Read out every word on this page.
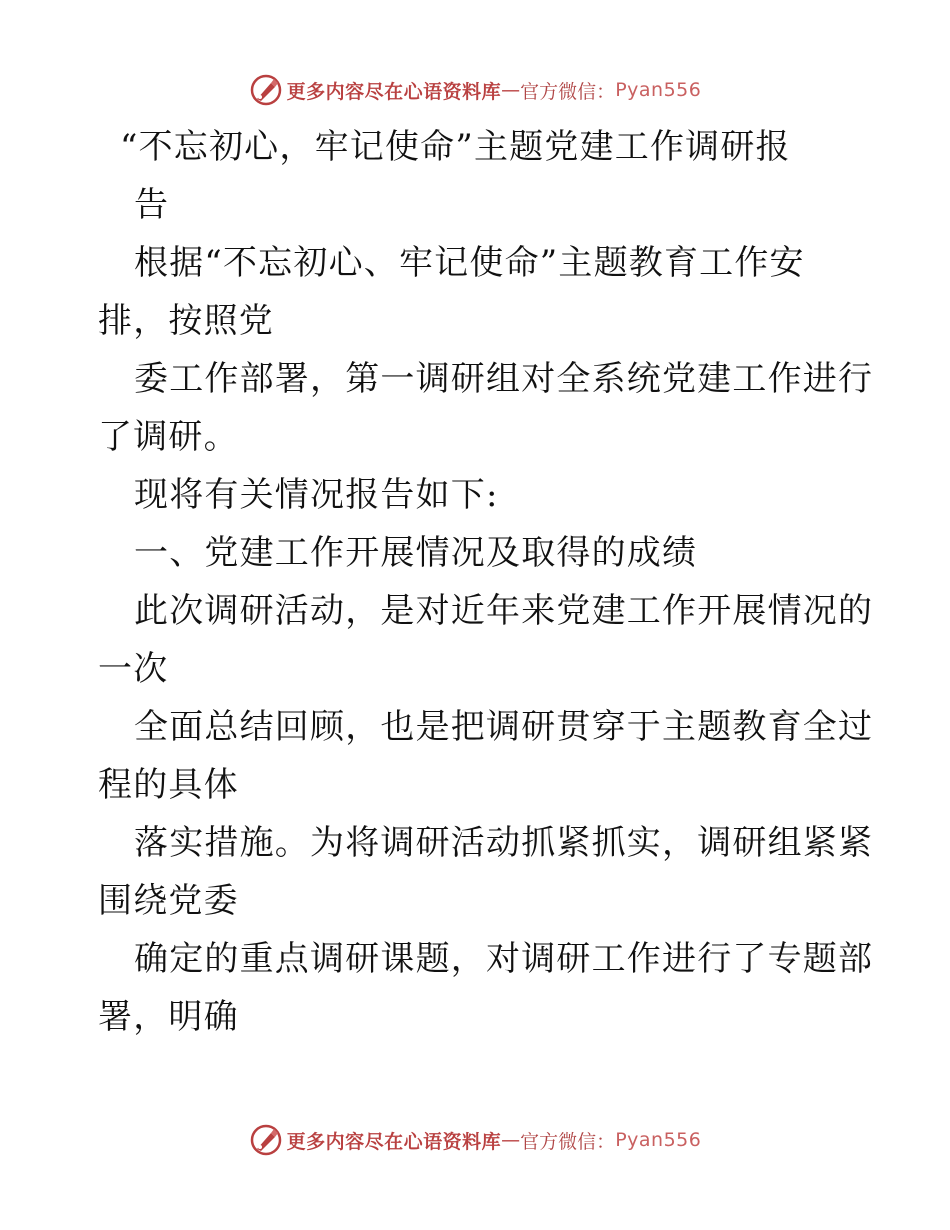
更多内容尽在心语资料库 — 官方微信： Pyan556
“不忘初心，牢记使命”主题党建工作调研报
告
根据“不忘初心、牢记使命”主题教育工作安
排，按照党
委工作部署，第一调研组对全系统党建工作进行
了调研。
现将有关情况报告如下:
一、党建工作开展情况及取得的成绩
此次调研活动，是对近年来党建工作开展情况的
一次
全面总结回顾，也是把调研贯穿于主题教育全过
程的具体
落实措施。为将调研活动抓紧抓实，调研组紧紧
围绕党委
确定的重点调研课题，对调研工作进行了专题部
署，明确
更多内容尽在心语资料库 — 官方微信： Pyan556
